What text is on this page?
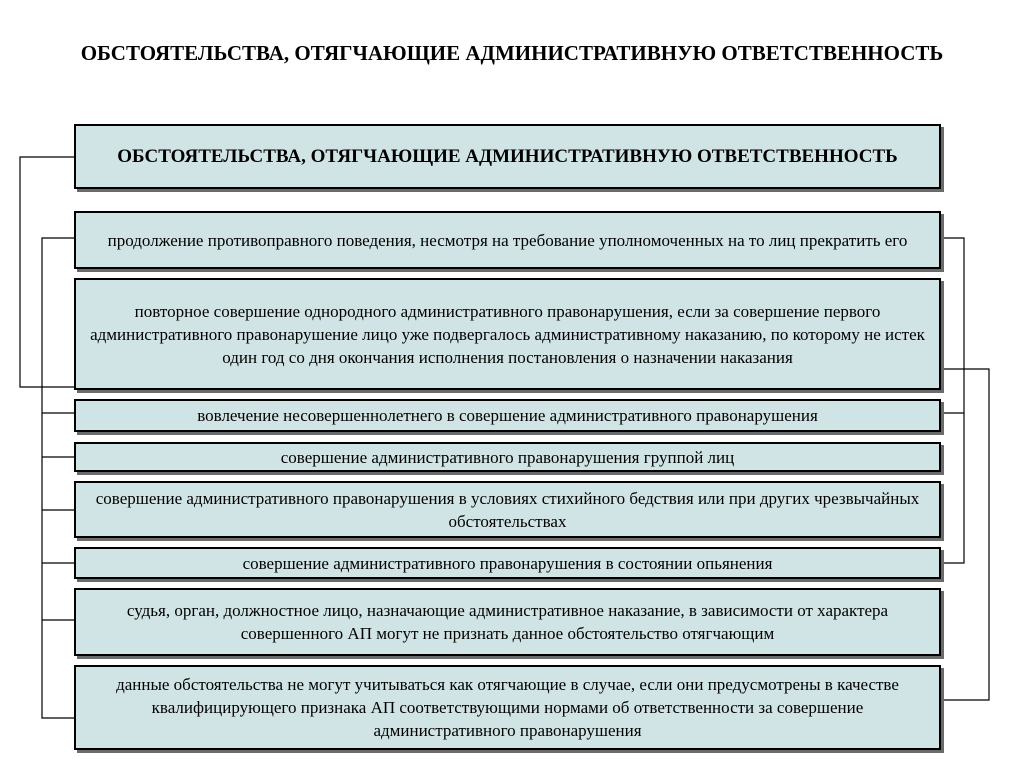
ОБСТОЯТЕЛЬСТВА, ОТЯГЧАЮЩИЕ АДМИНИСТРАТИВНУЮ ОТВЕТСТВЕННОСТЬ
ОБСТОЯТЕЛЬСТВА, ОТЯГЧАЮЩИЕ АДМИНИСТРАТИВНУЮ ОТВЕТСТВЕННОСТЬ
продолжение противоправного поведения, несмотря на требование уполномоченных на то лиц прекратить его
повторное совершение однородного административного правонарушения, если за совершение первого административного правонарушение лицо уже подвергалось административному наказанию, по которому не истек один год со дня окончания исполнения постановления о назначении наказания
вовлечение несовершеннолетнего в совершение административного правонарушения
совершение административного правонарушения группой лиц
совершение административного правонарушения в условиях стихийного бедствия или при других чрезвычайных обстоятельствах
совершение административного правонарушения в состоянии опьянения
судья, орган, должностное лицо, назначающие административное наказание, в зависимости от характера совершенного АП могут не признать данное обстоятельство отягчающим
данные обстоятельства не могут учитываться как отягчающие в случае, если они предусмотрены в качестве квалифицирующего признака АП соответствующими нормами об ответственности за совершение административного правонарушения
